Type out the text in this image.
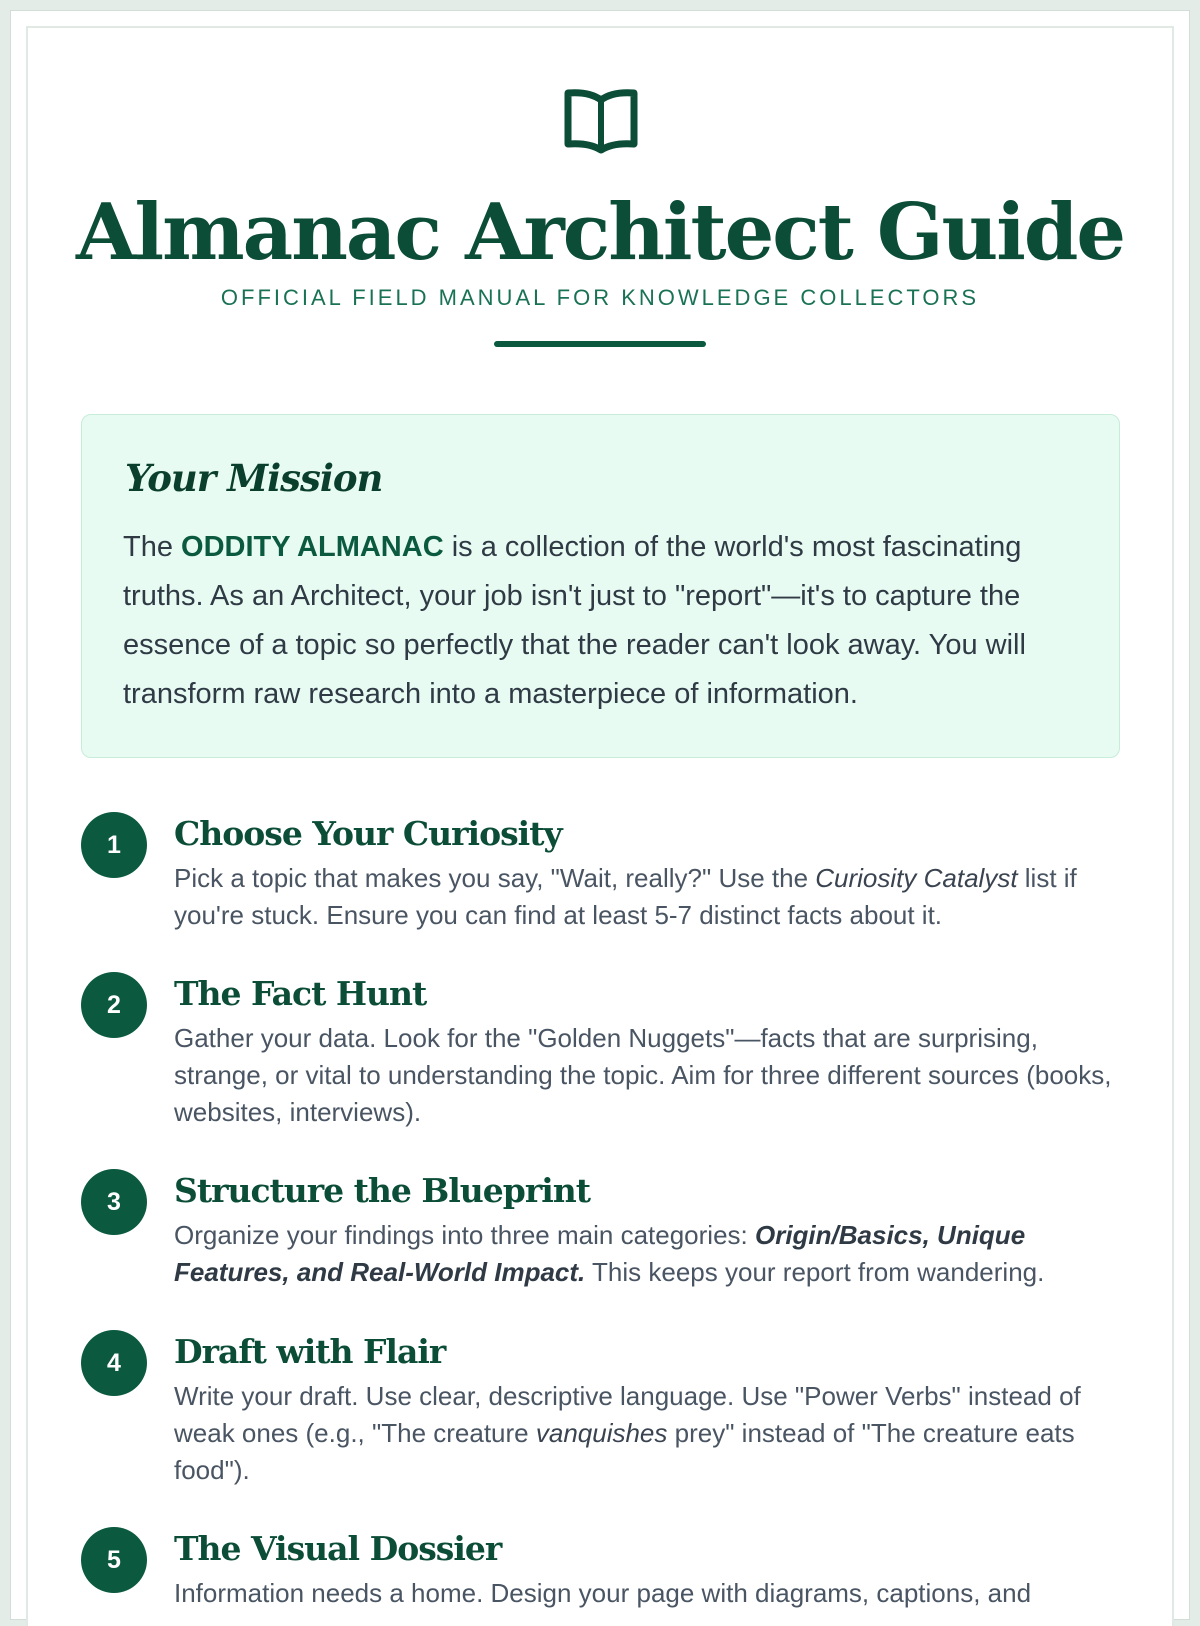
Almanac Architect Guide
OFFICIAL FIELD MANUAL FOR KNOWLEDGE COLLECTORS
Your Mission

The ODDITY ALMANAC is a collection of the world's most fascinating truths. As an Architect, your job isn't just to "report"—it's to capture the essence of a topic so perfectly that the reader can't look away. You will transform raw research into a masterpiece of information.

1	Choose Your Curiosity

Pick a topic that makes you say, "Wait, really?" Use the Curiosity Catalyst list if you're stuck. Ensure you can find at least 5-7 distinct facts about it.

2	The Fact Hunt

Gather your data. Look for the "Golden Nuggets"—facts that are surprising, strange, or vital to understanding the topic. Aim for three different sources (books, websites, interviews).

3	Structure the Blueprint

Organize your findings into three main categories: Origin/Basics, Unique Features, and Real-World Impact. This keeps your report from wandering.

4	Draft with Flair

Write your draft. Use clear, descriptive language. Use "Power Verbs" instead of weak ones (e.g., "The creature vanquishes prey" instead of "The creature eats food").

5	The Visual Dossier

Information needs a home. Design your page with diagrams, captions, and
